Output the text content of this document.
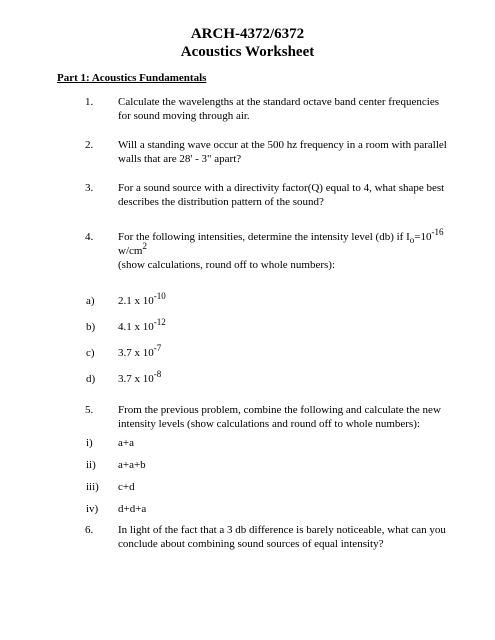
ARCH-4372/6372
Acoustics Worksheet
Part 1: Acoustics Fundamentals
1. Calculate the wavelengths at the standard octave band center frequencies for sound moving through air.
2. Will a standing wave occur at the 500 hz frequency in a room with parallel walls that are 28' - 3" apart?
3. For a sound source with a directivity factor(Q) equal to 4, what shape best describes the distribution pattern of the sound?
4. For the following intensities, determine the intensity level (db) if $I_o=10^{-16}$ $w/cm^2$
(show calculations, round off to whole numbers):
a)	2.1 x $10^{-10}$
b)	4.1 x $10^{-12}$
c)	3.7 x $10^{-7}$
d)	3.7 x $10^{-8}$
5. From the previous problem, combine the following and calculate the new intensity levels (show calculations and round off to whole numbers):
i)	a+a
ii)	a+a+b
iii)	c+d
iv)	d+d+a
6. In light of the fact that a 3 db difference is barely noticeable, what can you conclude about combining sound sources of equal intensity?
